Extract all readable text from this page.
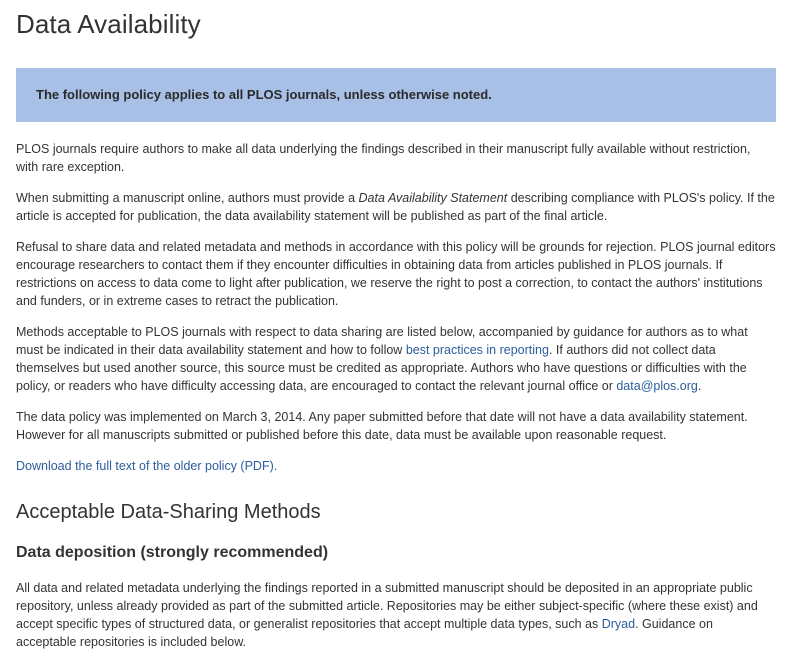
Data Availability
The following policy applies to all PLOS journals, unless otherwise noted.

PLOS journals require authors to make all data underlying the findings described in their manuscript fully available without restriction, with rare exception.

When submitting a manuscript online, authors must provide a Data Availability Statement describing compliance with PLOS's policy. If the article is accepted for publication, the data availability statement will be published as part of the final article.

Refusal to share data and related metadata and methods in accordance with this policy will be grounds for rejection. PLOS journal editors encourage researchers to contact them if they encounter difficulties in obtaining data from articles published in PLOS journals. If restrictions on access to data come to light after publication, we reserve the right to post a correction, to contact the authors' institutions and funders, or in extreme cases to retract the publication.

Methods acceptable to PLOS journals with respect to data sharing are listed below, accompanied by guidance for authors as to what must be indicated in their data availability statement and how to follow best practices in reporting. If authors did not collect data themselves but used another source, this source must be credited as appropriate. Authors who have questions or difficulties with the policy, or readers who have difficulty accessing data, are encouraged to contact the relevant journal office or data@plos.org.

The data policy was implemented on March 3, 2014. Any paper submitted before that date will not have a data availability statement. However for all manuscripts submitted or published before this date, data must be available upon reasonable request.

Download the full text of the older policy (PDF).

Acceptable Data-Sharing Methods
Data deposition (strongly recommended)

All data and related metadata underlying the findings reported in a submitted manuscript should be deposited in an appropriate public repository, unless already provided as part of the submitted article. Repositories may be either subject-specific (where these exist) and accept specific types of structured data, or generalist repositories that accept multiple data types, such as Dryad. Guidance on acceptable repositories is included below.
